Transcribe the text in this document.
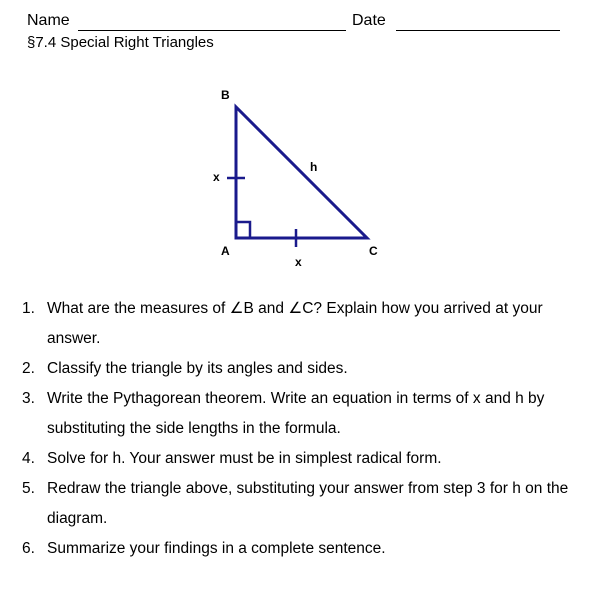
Name	Date
§7.4 Special Right Triangles
B
A	C
x
x
h
1. What are the measures of ∠B and ∠C? Explain how you arrived at your answer.
2. Classify the triangle by its angles and sides.
3. Write the Pythagorean theorem. Write an equation in terms of x and h by substituting the side lengths in the formula.
4. Solve for h. Your answer must be in simplest radical form.
5. Redraw the triangle above, substituting your answer from step 3 for h on the diagram.
6. Summarize your findings in a complete sentence.
